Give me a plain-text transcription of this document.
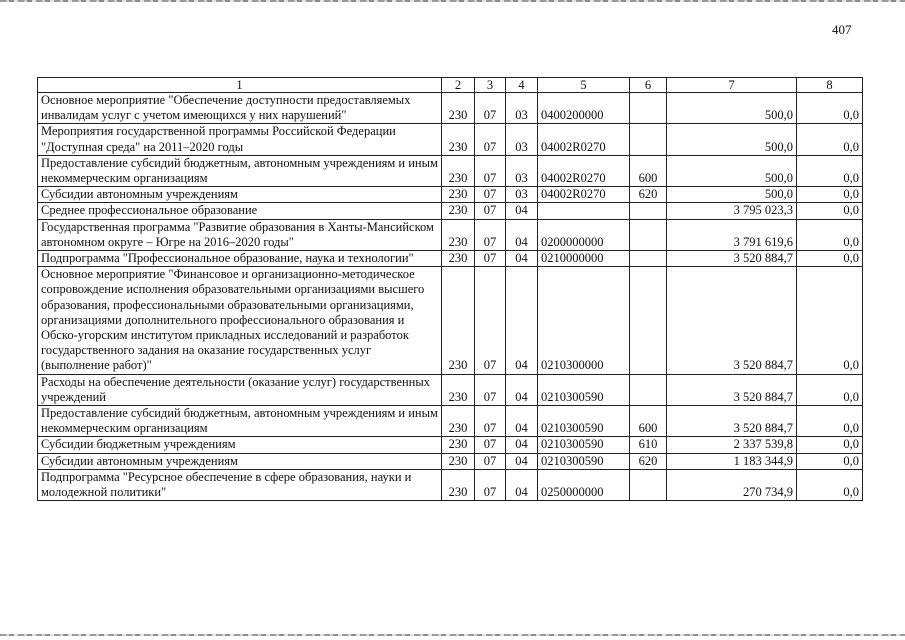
407
1	2	3	4	5	6	7	8
Основное мероприятие "Обеспечение доступности предоставляемых инвалидам услуг с учетом имеющихся у них нарушений"	230	07	03	0400200000		500,0	0,0
Мероприятия государственной программы Российской Федерации "Доступная среда" на 2011–2020 годы	230	07	03	04002R0270		500,0	0,0
Предоставление субсидий бюджетным, автономным учреждениям и иным некоммерческим организациям	230	07	03	04002R0270	600	500,0	0,0
Субсидии автономным учреждениям	230	07	03	04002R0270	620	500,0	0,0
Среднее профессиональное образование	230	07	04			3 795 023,3	0,0
Государственная программа "Развитие образования в Ханты-Мансийском автономном округе – Югре на 2016–2020 годы"	230	07	04	0200000000		3 791 619,6	0,0
Подпрограмма "Профессиональное образование, наука и технологии"	230	07	04	0210000000		3 520 884,7	0,0
Основное мероприятие "Финансовое и организационно-методическое сопровождение исполнения образовательными организациями высшего образования, профессиональными образовательными организациями, организациями дополнительного профессионального образования и Обско-угорским институтом прикладных исследований и разработок государственного задания на оказание государственных услуг (выполнение работ)"	230	07	04	0210300000		3 520 884,7	0,0
Расходы на обеспечение деятельности (оказание услуг) государственных учреждений	230	07	04	0210300590		3 520 884,7	0,0
Предоставление субсидий бюджетным, автономным учреждениям и иным некоммерческим организациям	230	07	04	0210300590	600	3 520 884,7	0,0
Субсидии бюджетным учреждениям	230	07	04	0210300590	610	2 337 539,8	0,0
Субсидии автономным учреждениям	230	07	04	0210300590	620	1 183 344,9	0,0
Подпрограмма "Ресурсное обеспечение в сфере образования, науки и молодежной политики"	230	07	04	0250000000		270 734,9	0,0
